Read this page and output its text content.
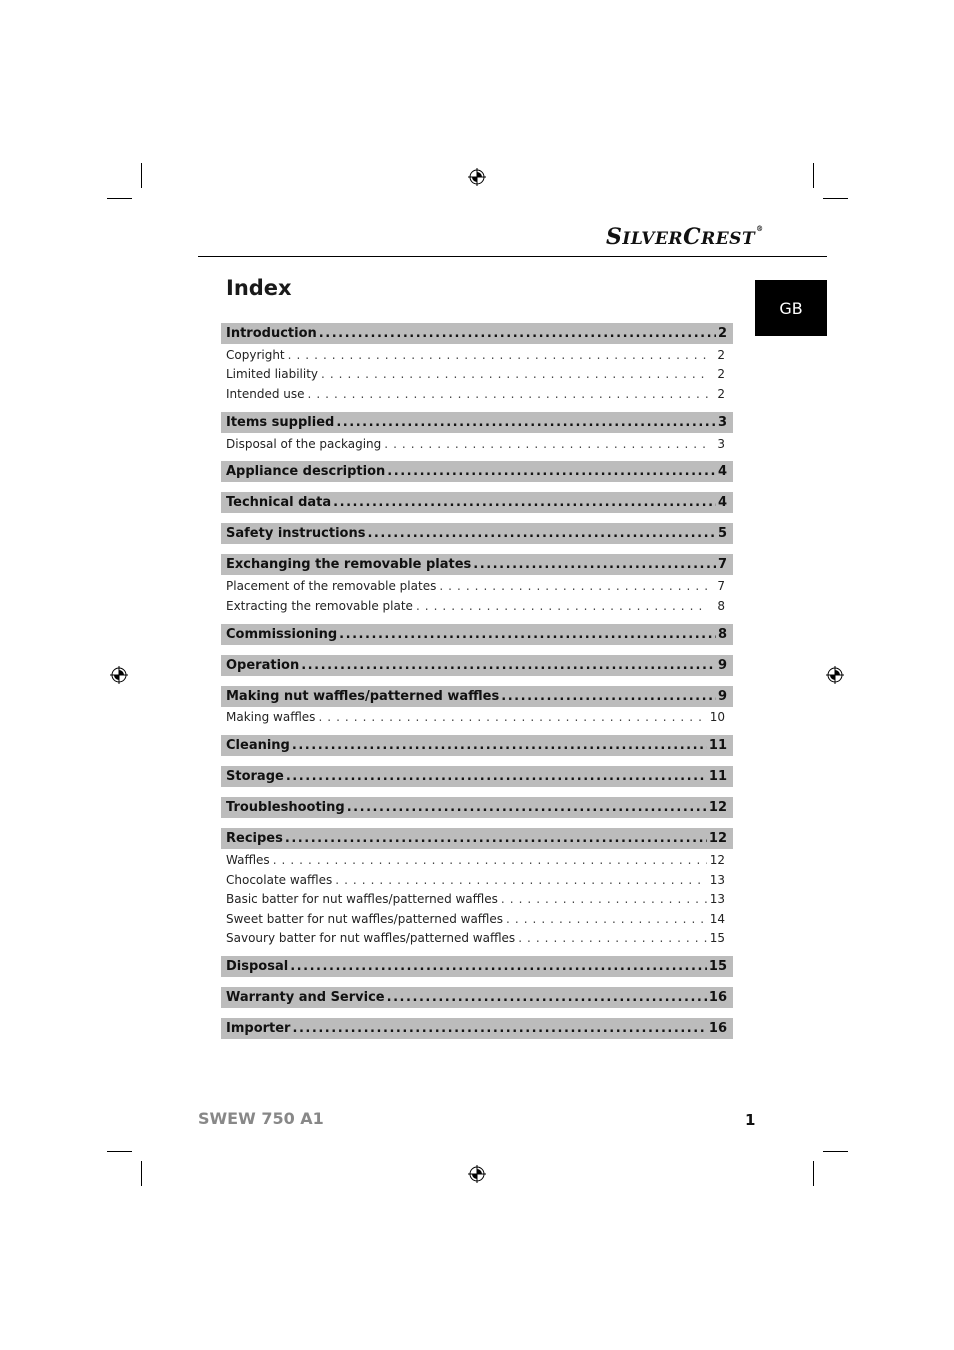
SILVERCREST®
GB
Index
Introduction . . .	2
Copyright . . .	2
Limited liability . . .	2
Intended use . . .	2
Items supplied . . .	3
Disposal of the packaging . . .	3
Appliance description . . .	4
Technical data . . .	4
Safety instructions . . .	5
Exchanging the removable plates . . .	7
Placement of the removable plates . . .	7
Extracting the removable plate . . .	8
Commissioning . . .	8
Operation . . .	9
Making nut waffles/patterned waffles . . .	9
Making waffles . . .	10
Cleaning . . .	11
Storage . . .	11
Troubleshooting . . .	12
Recipes . . .	12
Waffles . . .	12
Chocolate waffles . . .	13
Basic batter for nut waffles/patterned waffles . . .	13
Sweet batter for nut waffles/patterned waffles . . .	14
Savoury batter for nut waffles/patterned waffles . . .	15
Disposal . . .	15
Warranty and Service . . .	16
Importer . . .	16
SWEW 750 A1	1
